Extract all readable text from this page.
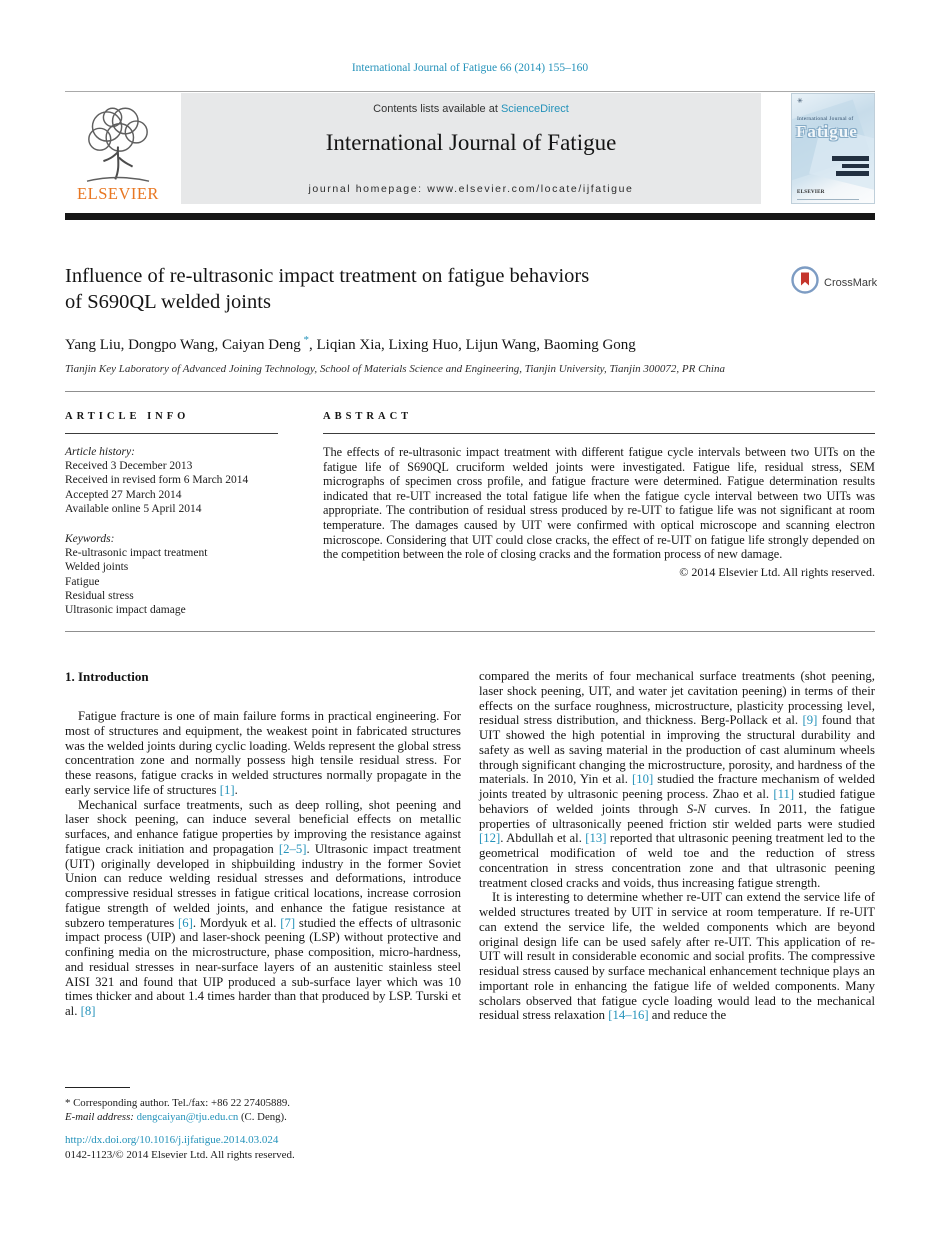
International Journal of Fatigue 66 (2014) 155–160
ELSEVIER
Contents lists available at ScienceDirect
International Journal of Fatigue
journal homepage: www.elsevier.com/locate/ijfatigue
✳
International Journal of
Fatigue
ELSEVIER
Influence of re-ultrasonic impact treatment on fatigue behaviors
of S690QL welded joints
CrossMark
Yang Liu, Dongpo Wang, Caiyan Deng *, Liqian Xia, Lixing Huo, Lijun Wang, Baoming Gong
Tianjin Key Laboratory of Advanced Joining Technology, School of Materials Science and Engineering, Tianjin University, Tianjin 300072, PR China
ARTICLE INFO
Article history:
Received 3 December 2013
Received in revised form 6 March 2014
Accepted 27 March 2014
Available online 5 April 2014
Keywords:
Re-ultrasonic impact treatment
Welded joints
Fatigue
Residual stress
Ultrasonic impact damage
ABSTRACT
The effects of re-ultrasonic impact treatment with different fatigue cycle intervals between two UITs on the fatigue life of S690QL cruciform welded joints were investigated. Fatigue life, residual stress, SEM micrographs of specimen cross profile, and fatigue fracture were determined. Fatigue determination results indicated that re-UIT increased the total fatigue life when the fatigue cycle interval between two UITs was appropriate. The contribution of residual stress produced by re-UIT to fatigue life was not significant at room temperature. The damages caused by UIT were confirmed with optical microscope and scanning electron microscope. Considering that UIT could close cracks, the effect of re-UIT on fatigue life strongly depended on the competition between the role of closing cracks and the formation process of new damage.
© 2014 Elsevier Ltd. All rights reserved.
1. Introduction

Fatigue fracture is one of main failure forms in practical engineering. For most of structures and equipment, the weakest point in fabricated structures was the welded joints during cyclic loading. Welds represent the global stress concentration zone and normally possess high tensile residual stress. For these reasons, fatigue cracks in welded structures normally propagate in the early service life of structures [1].

Mechanical surface treatments, such as deep rolling, shot peening and laser shock peening, can induce several beneficial effects on metallic surfaces, and enhance fatigue properties by improving the resistance against fatigue crack initiation and propagation [2–5]. Ultrasonic impact treatment (UIT) originally developed in shipbuilding industry in the former Soviet Union can reduce welding residual stresses and deformations, introduce compressive residual stresses in fatigue critical locations, increase corrosion fatigue strength of welded joints, and enhance the fatigue resistance at subzero temperatures [6]. Mordyuk et al. [7] studied the effects of ultrasonic impact process (UIP) and laser-shock peening (LSP) without protective and confining media on the microstructure, phase composition, micro-hardness, and residual stresses in near-surface layers of an austenitic stainless steel AISI 321 and found that UIP produced a sub-surface layer which was 10 times thicker and about 1.4 times harder than that produced by LSP. Turski et al. [8]

compared the merits of four mechanical surface treatments (shot peening, laser shock peening, UIT, and water jet cavitation peening) in terms of their effects on the surface roughness, microstructure, plasticity processing level, residual stress distribution, and thickness. Berg-Pollack et al. [9] found that UIT showed the high potential in improving the structural durability and safety as well as saving material in the production of cast aluminum wheels through significant changing the microstructure, porosity, and hardness of the materials. In 2010, Yin et al. [10] studied the fracture mechanism of welded joints treated by ultrasonic peening process. Zhao et al. [11] studied fatigue behaviors of welded joints through S-N curves. In 2011, the fatigue properties of ultrasonically peened friction stir welded parts were studied [12]. Abdullah et al. [13] reported that ultrasonic peening treatment led to the geometrical modification of weld toe and the reduction of stress concentration in stress concentration zone and that ultrasonic peening treatment closed cracks and voids, thus increasing fatigue strength.

It is interesting to determine whether re-UIT can extend the service life of welded structures treated by UIT in service at room temperature. If re-UIT can extend the service life, the welded components which are beyond original design life can be used safely after re-UIT. This application of re-UIT will result in considerable economic and social profits. The compressive residual stress caused by surface mechanical enhancement technique plays an important role in enhancing the fatigue life of welded components. Many scholars observed that fatigue cycle loading would lead to the mechanical residual stress relaxation [14–16] and reduce the

* Corresponding author. Tel./fax: +86 22 27405889.
E-mail address: dengcaiyan@tju.edu.cn (C. Deng).
http://dx.doi.org/10.1016/j.ijfatigue.2014.03.024
0142-1123/© 2014 Elsevier Ltd. All rights reserved.
